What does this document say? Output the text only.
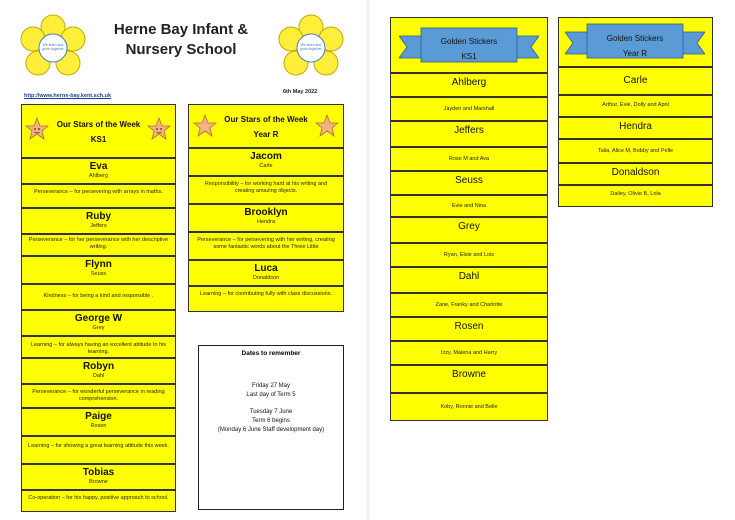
We learn and grow together
We learn and grow together
Herne Bay Infant & Nursery School
http://www.herne-bay.kent.sch.uk
6th May 2022
Our Stars of the Week
KS1
Eva
Ahlberg
Perseverance – for persevering with arrays in maths.
Ruby
Jeffers
Perseverance – for her perseverance with her descriptive writing.
Flynn
Seuss
Kindness – for being a kind and responsible .
George W
Grey
Learning – for always having an excellent attitude to his learning.
Robyn
Dahl
Perseverance – for wonderful perseverance in reading comprehension.
Paige
Rosen
Learning – for showing a great learning attitude this week.
Tobias
Browne
Co-operation – for his happy, positive approach to school.
Our Stars of the Week
Year R
Jacom
Carle
Responsibility – for working hard at his writing and creating amazing objects.
Brooklyn
Hendra
Perseverance – for persevering with her writing, creating some fantastic words about the Three Little
Luca
Donaldson
Learning – for contributing fully with class discussions.
Dates to remember
Friday 27 May
Last day of Term 5
Tuesday 7 June
Term 6 begins
(Monday 6 June Staff development day)
Golden Stickers
KS1
Ahlberg
Jayden and Marshall
Jeffers
Rose M and Ava
Seuss
Evie and Nina
Grey
Ryan, Elsie and Lois
Dahl
Zane, Franky and Charlotte
Rosen
Izzy, Malena and Harry
Browne
Koby, Ronnie and Belle
Golden Stickers
Year R
Carle
Arthur, Evie, Dolly and April
Hendra
Talia, Alice M, Bobby and Pelle
Donaldson
Dailey, Olivie B, Lola
